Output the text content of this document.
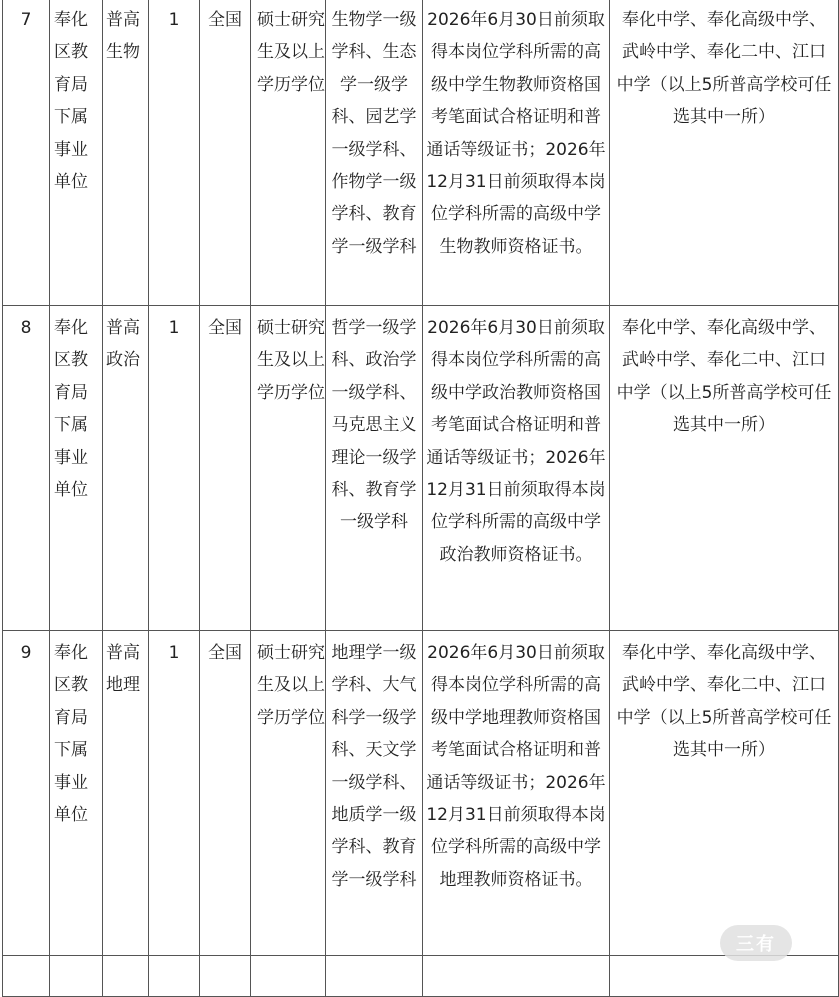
7	奉化区教育局下属事业单位	普高生物	1	全国	硕士研究生及以上学历学位	生物学一级学科、生态学一级学科、园艺学一级学科、作物学一级学科、教育学一级学科	2026年6月30日前须取得本岗位学科所需的高级中学生物教师资格国考笔面试合格证明和普通话等级证书；2026年12月31日前须取得本岗位学科所需的高级中学生物教师资格证书。	奉化中学、奉化高级中学、武岭中学、奉化二中、江口中学（以上5所普高学校可任选其中一所）

8	奉化区教育局下属事业单位	普高政治	1	全国	硕士研究生及以上学历学位	哲学一级学科、政治学一级学科、马克思主义理论一级学科、教育学一级学科	2026年6月30日前须取得本岗位学科所需的高级中学政治教师资格国考笔面试合格证明和普通话等级证书；2026年12月31日前须取得本岗位学科所需的高级中学政治教师资格证书。	奉化中学、奉化高级中学、武岭中学、奉化二中、江口中学（以上5所普高学校可任选其中一所）

9	奉化区教育局下属事业单位	普高地理	1	全国	硕士研究生及以上学历学位	地理学一级学科、大气科学一级学科、天文学一级学科、地质学一级学科、教育学一级学科	2026年6月30日前须取得本岗位学科所需的高级中学地理教师资格国考笔面试合格证明和普通话等级证书；2026年12月31日前须取得本岗位学科所需的高级中学地理教师资格证书。	奉化中学、奉化高级中学、武岭中学、奉化二中、江口中学（以上5所普高学校可任选其中一所）

三有
